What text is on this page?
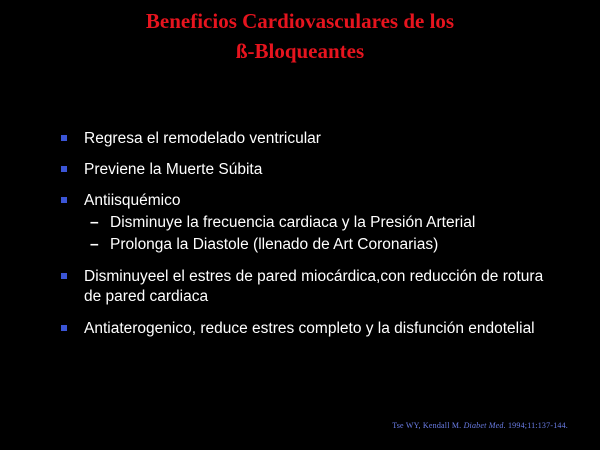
Beneficios Cardiovasculares de los
ß-Bloqueantes
Regresa el remodelado ventricular
Previene la Muerte Súbita
Antiisquémico
– Disminuye la frecuencia cardiaca y la Presión Arterial
– Prolonga la Diastole (llenado de Art Coronarias)
Disminuyeel el estres de pared miocárdica,con reducción de rotura de pared cardiaca
Antiaterogenico, reduce estres completo y la disfunción endotelial
Tse WY, Kendall M. Diabet Med. 1994;11:137-144.
